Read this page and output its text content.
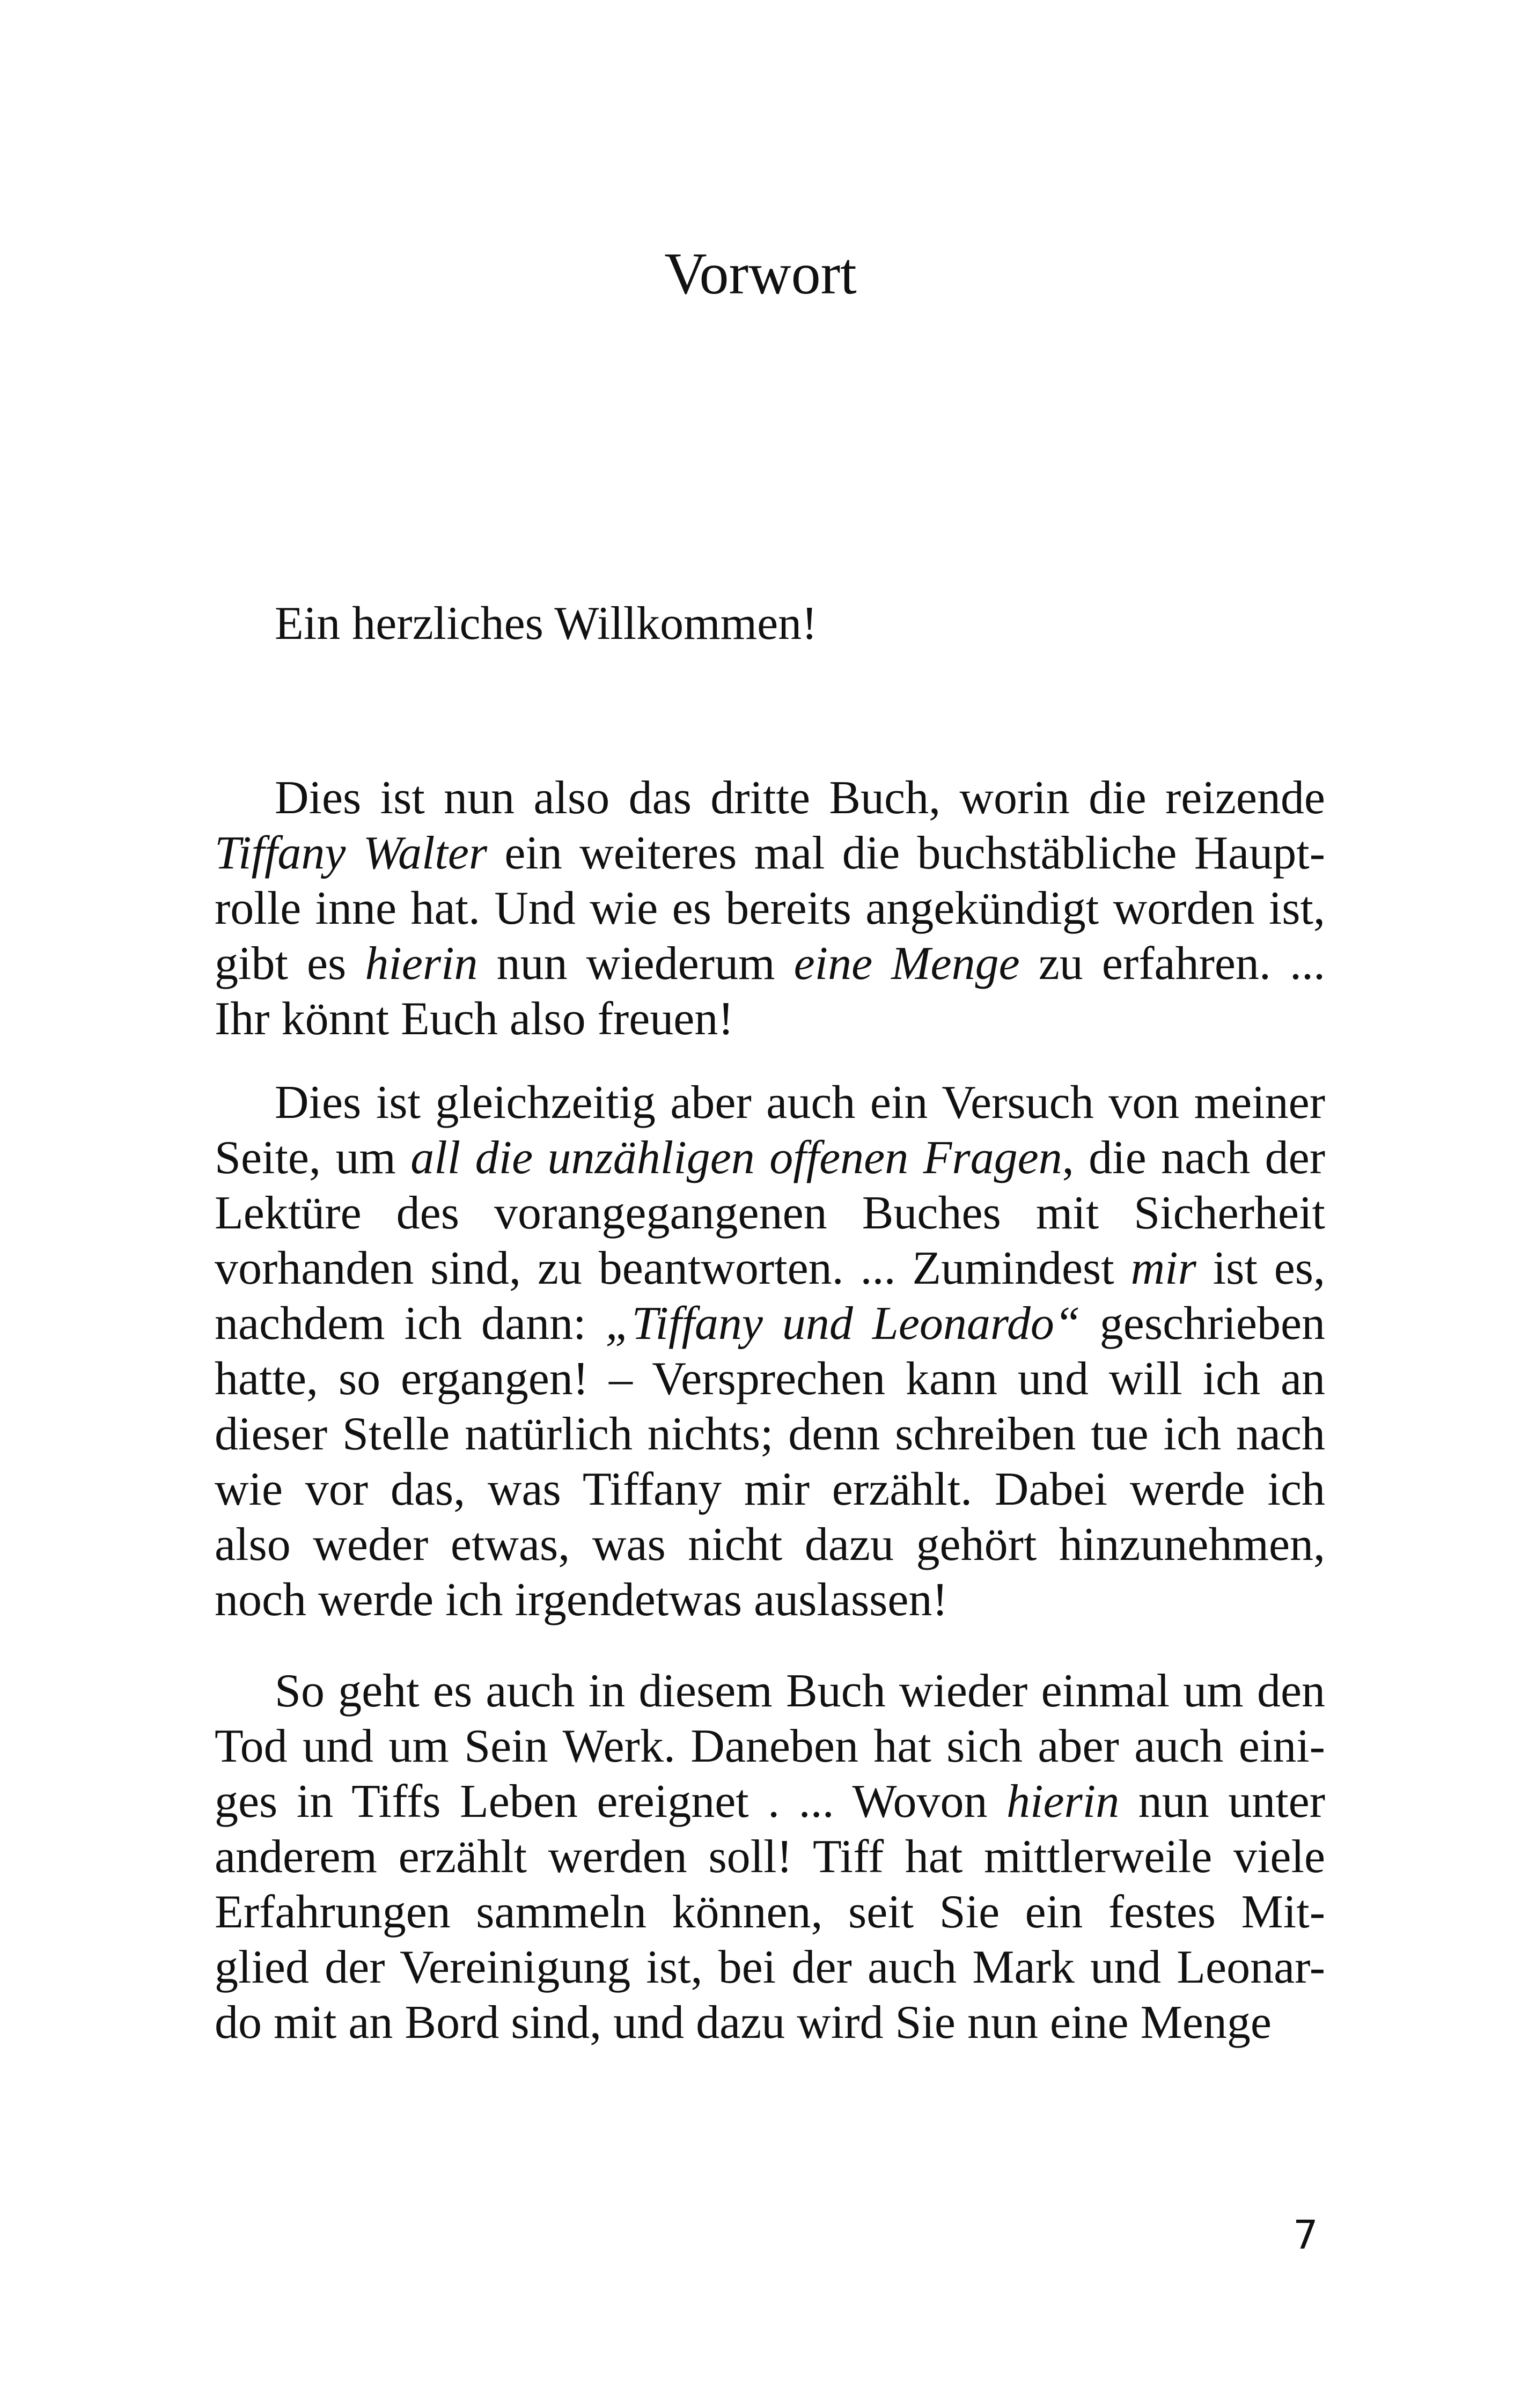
Vorwort

Ein herzliches Willkommen!

Dies ist nun also das dritte Buch, worin die reizende
Tiffany Walter ein weiteres mal die buchstäbliche Haupt-
rolle inne hat. Und wie es bereits angekündigt worden ist,
gibt es hierin nun wiederum eine Menge zu erfahren. ...
Ihr könnt Euch also freuen!
Dies ist gleichzeitig aber auch ein Versuch von meiner
Seite, um all die unzähligen offenen Fragen, die nach der
Lektüre des vorangegangenen Buches mit Sicherheit
vorhanden sind, zu beantworten. ... Zumindest mir ist es,
nachdem ich dann: „Tiffany und Leonardo“ geschrieben
hatte, so ergangen! – Versprechen kann und will ich an
dieser Stelle natürlich nichts; denn schreiben tue ich nach
wie vor das, was Tiffany mir erzählt. Dabei werde ich
also weder etwas, was nicht dazu gehört hinzunehmen,
noch werde ich irgendetwas auslassen!
So geht es auch in diesem Buch wieder einmal um den
Tod und um Sein Werk. Daneben hat sich aber auch eini-
ges in Tiffs Leben ereignet . ... Wovon hierin nun unter
anderem erzählt werden soll! Tiff hat mittlerweile viele
Erfahrungen sammeln können, seit Sie ein festes Mit-
glied der Vereinigung ist, bei der auch Mark und Leonar-
do mit an Bord sind, und dazu wird Sie nun eine Menge
7
